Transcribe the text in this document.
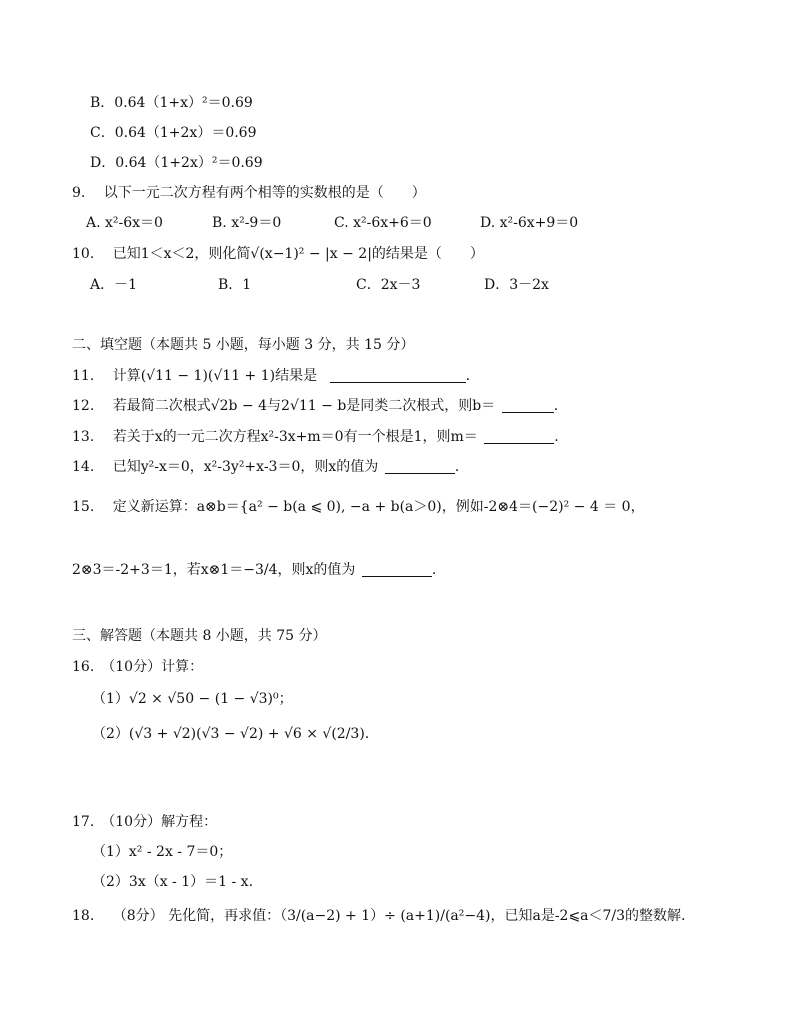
B．0.64（1+x）²＝0.69
C．0.64（1+2x）＝0.69
D．0.64（1+2x）²＝0.69
9.　 以下一元二次方程有两个相等的实数根的是（　　）
A. x²-6x＝0	B. x²-9＝0	C. x²-6x+6＝0	D. x²-6x+9＝0
10.　 已知1＜x＜2，则化简√(x−1)² − |x − 2|的结果是（　　）
A．－1	B．1	C．2x－3	D．3－2x
二、填空题（本题共 5 小题，每小题 3 分，共 15 分）
11.　 计算(√11 − 1)(√11 + 1)结果是	.
12.　 若最简二次根式√2b − 4与2√11 − b是同类二次根式，则b＝	.
13.　 若关于x的一元二次方程x²-3x+m＝0有一个根是1，则m＝	.
14.　 已知y²-x＝0，x²-3y²+x-3＝0，则x的值为	.
15.　 定义新运算：a⊗b＝{a² − b(a ⩽ 0), −a + b(a＞0)，例如-2⊗4＝(−2)² − 4 ＝ 0，
2⊗3＝-2+3＝1，若x⊗1＝−3/4，则x的值为	.
三、解答题（本题共 8 小题，共 75 分）
16.　（10分）计算：
（1）√2 × √50 − (1 − √3)⁰；
（2）(√3 + √2)(√3 − √2) + √6 × √(2/3).
17.　（10分）解方程：
（1）x² - 2x - 7＝0；
（2）3x（x - 1）＝1 - x.
18.　 （8分） 先化简，再求值：（3/(a−2) + 1）÷ (a+1)/(a²−4)，已知a是-2⩽a＜7/3的整数解.
